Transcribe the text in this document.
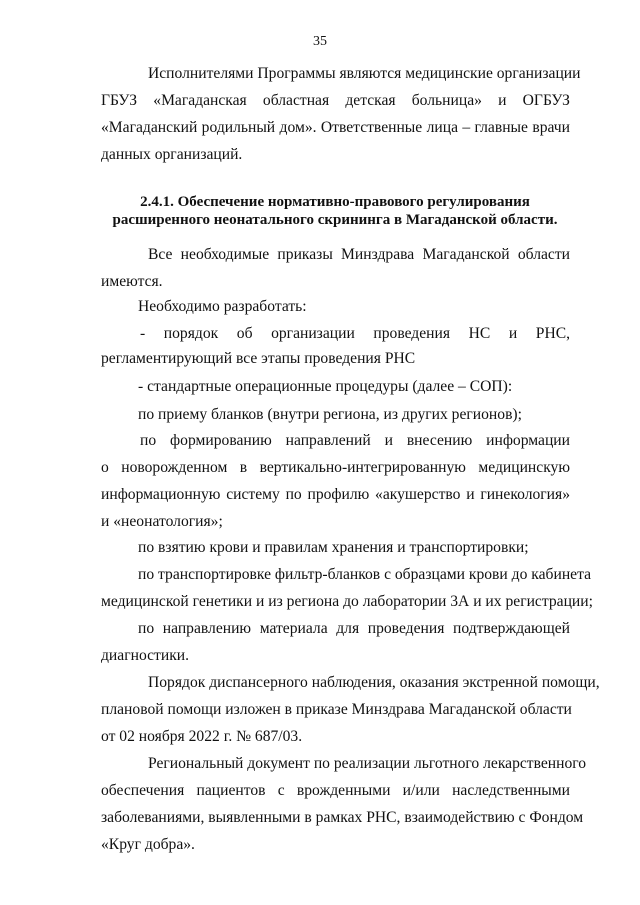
35
Исполнителями Программы являются медицинские организации
ГБУЗ «Магаданская областная детская больница» и ОГБУЗ
«Магаданский родильный дом». Ответственные лица – главные врачи
данных организаций.
2.4.1. Обеспечение нормативно-правового регулирования
расширенного неонатального скрининга в Магаданской области.
Все необходимые приказы Минздрава Магаданской области
имеются.
Необходимо разработать:
- порядок об организации проведения НС и РНС,
регламентирующий все этапы проведения РНС
- стандартные операционные процедуры (далее – СОП):
по приему бланков (внутри региона, из других регионов);
по формированию направлений и внесению информации
о новорожденном в вертикально-интегрированную медицинскую
информационную систему по профилю «акушерство и гинекология»
и «неонатология»;
по взятию крови и правилам хранения и транспортировки;
по транспортировке фильтр-бланков с образцами крови до кабинета
медицинской генетики и из региона до лаборатории 3А и их регистрации;
по направлению материала для проведения подтверждающей
диагностики.
Порядок диспансерного наблюдения, оказания экстренной помощи,
плановой помощи изложен в приказе Минздрава Магаданской области
от 02 ноября 2022 г. № 687/03.
Региональный документ по реализации льготного лекарственного
обеспечения пациентов с врожденными и/или наследственными
заболеваниями, выявленными в рамках РНС, взаимодействию с Фондом
«Круг добра».
